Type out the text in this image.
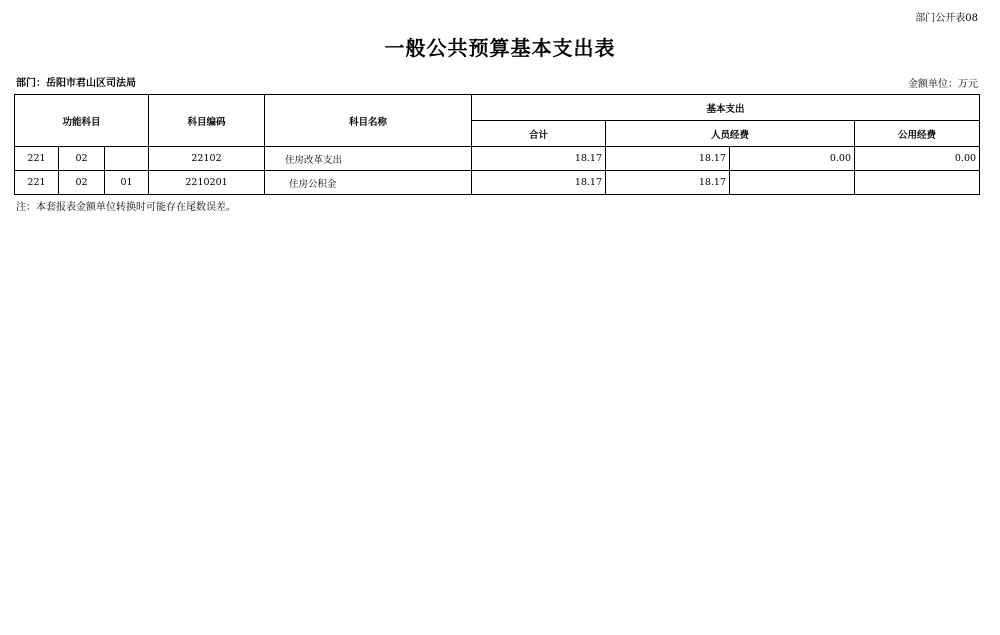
部门公开表08
一般公共预算基本支出表
部门：岳阳市君山区司法局	金额单位：万元
功能科目			科目编码	科目名称	基本支出			
					合计	人员经费		公用经费
221	02		22102	住房改革支出	18.17	18.17	0.00	0.00
221	02	01	2210201	住房公积金	18.17	18.17		
注：本套报表金额单位转换时可能存在尾数误差。
